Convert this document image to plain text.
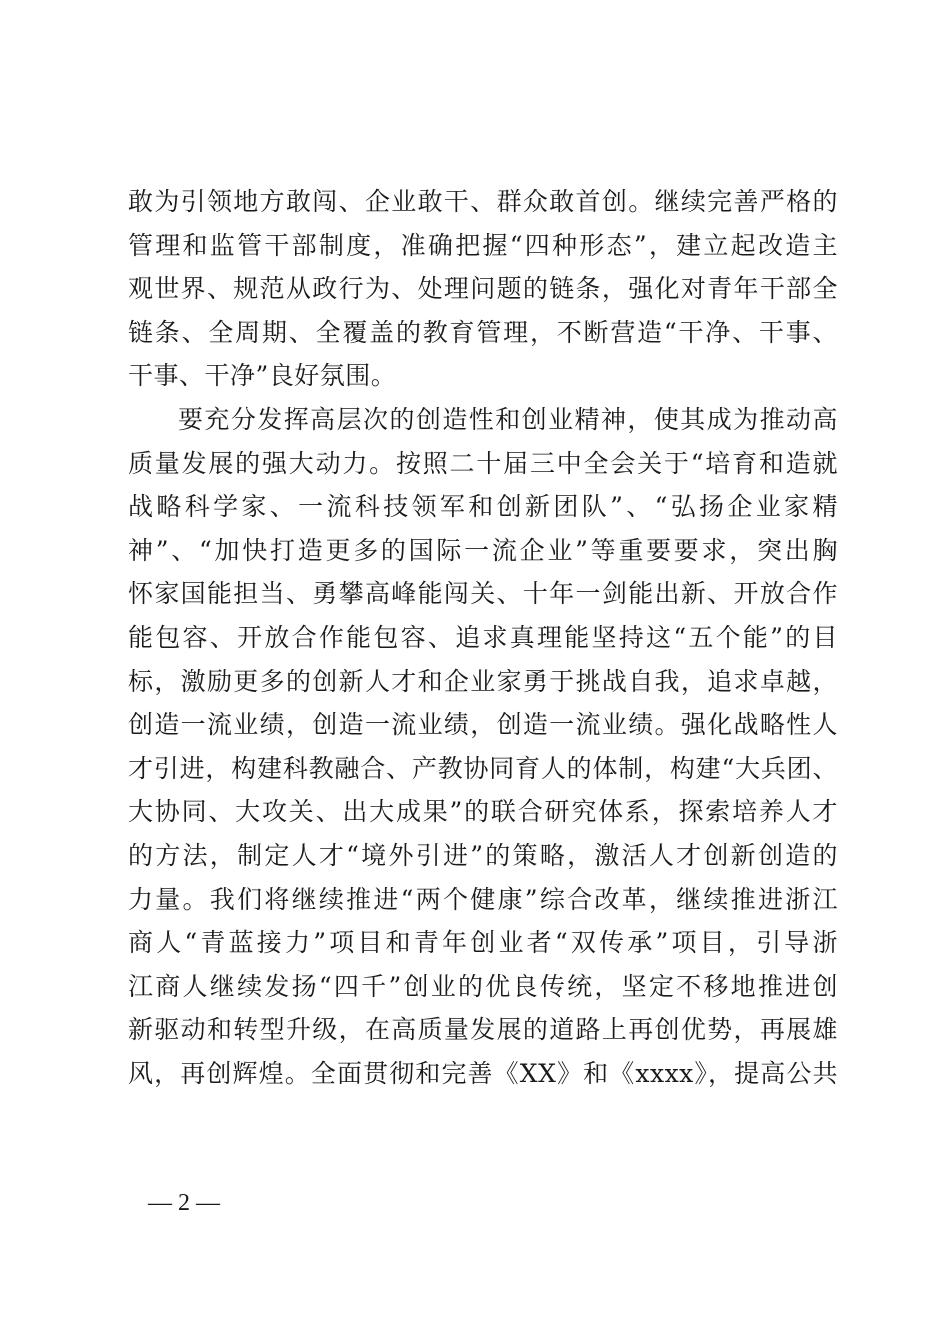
敢为引领地方敢闯、企业敢干、群众敢首创。继续完善严格的
管理和监管干部制度，准确把握“四种形态”，建立起改造主
观世界、规范从政行为、处理问题的链条，强化对青年干部全
链条、全周期、全覆盖的教育管理，不断营造“干净、干事、
干事、干净”良好氛围。
要充分发挥高层次的创造性和创业精神，使其成为推动高
质量发展的强大动力。按照二十届三中全会关于“培育和造就
战略科学家、一流科技领军和创新团队”、“弘扬企业家精
神”、“加快打造更多的国际一流企业”等重要要求，突出胸
怀家国能担当、勇攀高峰能闯关、十年一剑能出新、开放合作
能包容、开放合作能包容、追求真理能坚持这“五个能”的目
标，激励更多的创新人才和企业家勇于挑战自我，追求卓越，
创造一流业绩，创造一流业绩，创造一流业绩。强化战略性人
才引进，构建科教融合、产教协同育人的体制，构建“大兵团、
大协同、大攻关、出大成果”的联合研究体系，探索培养人才
的方法，制定人才“境外引进”的策略，激活人才创新创造的
力量。我们将继续推进“两个健康”综合改革，继续推进浙江
商人“青蓝接力”项目和青年创业者“双传承”项目，引导浙
江商人继续发扬“四千”创业的优良传统，坚定不移地推进创
新驱动和转型升级，在高质量发展的道路上再创优势，再展雄
风，再创辉煌。全面贯彻和完善《XX》和《xxxx》，提高公共
— 2 —
